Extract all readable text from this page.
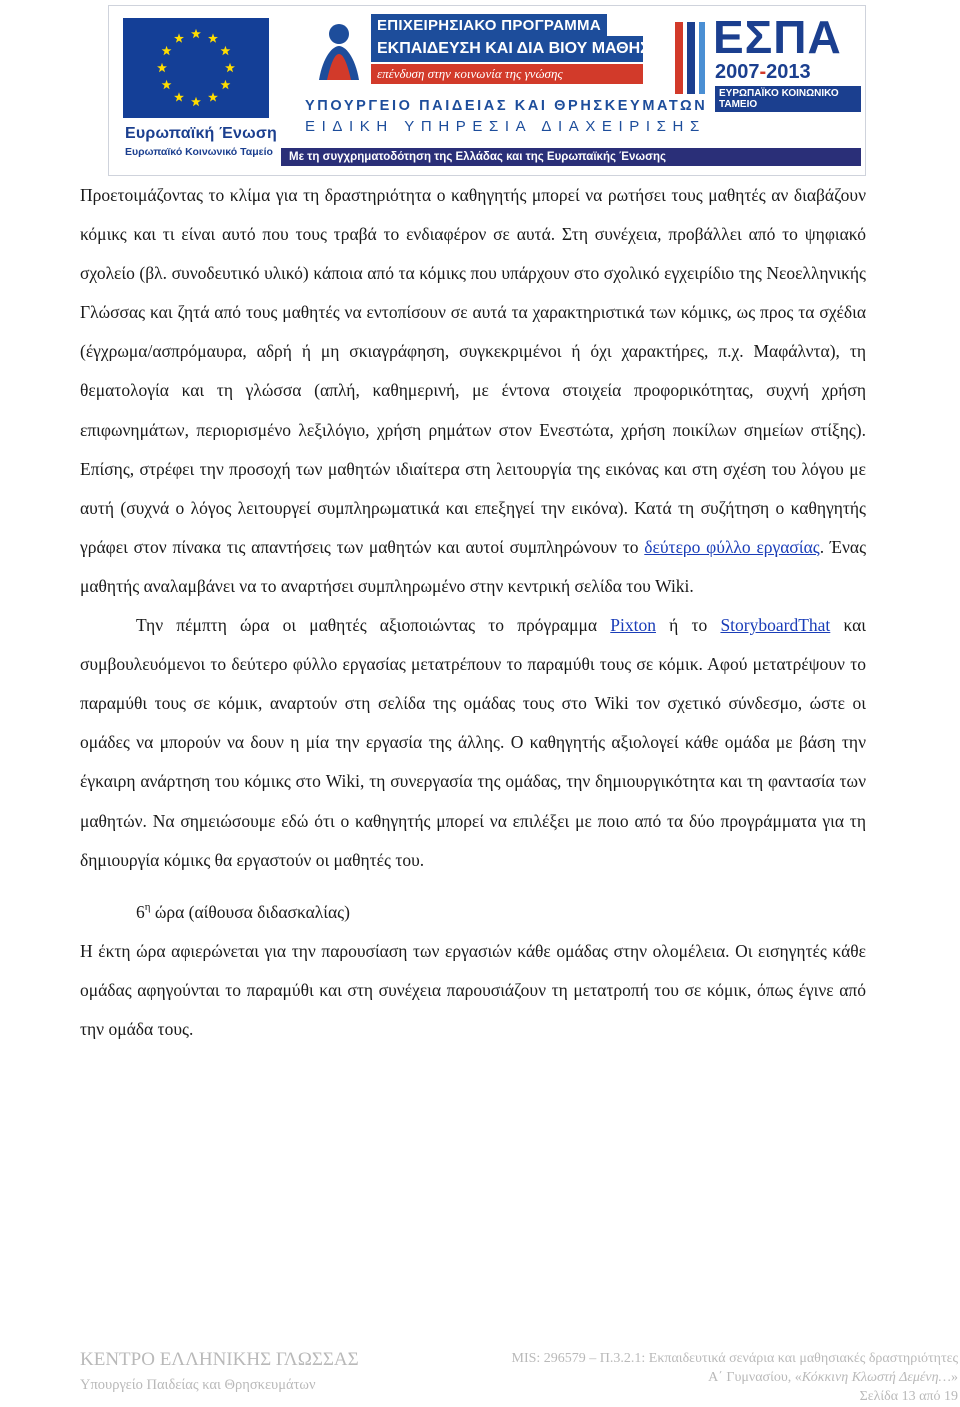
Ευρωπαϊκή Ένωση
Ευρωπαϊκό Κοινωνικό Ταμείο
ΕΠΙΧΕΙΡΗΣΙΑΚΟ ΠΡΟΓΡΑΜΜΑ
ΕΚΠΑΙΔΕΥΣΗ ΚΑΙ ΔΙΑ ΒΙΟΥ ΜΑΘΗΣΗ
επένδυση στην κοινωνία της γνώσης
ΕΣΠΑ
2007-2013
ΕΥΡΩΠΑΪΚΟ ΚΟΙΝΩΝΙΚΟ ΤΑΜΕΙΟ
ΥΠΟΥΡΓΕΙΟ ΠΑΙΔΕΙΑΣ ΚΑΙ ΘΡΗΣΚΕΥΜΑΤΩΝ
ΕΙΔΙΚΗ ΥΠΗΡΕΣΙΑ ΔΙΑΧΕΙΡΙΣΗΣ
Με τη συγχρηματοδότηση της Ελλάδας και της Ευρωπαϊκής Ένωσης

Προετοιμάζοντας το κλίμα για τη δραστηριότητα ο καθηγητής μπορεί να ρωτήσει τους μαθητές αν διαβάζουν κόμικς και τι είναι αυτό που τους τραβά το ενδιαφέρον σε αυτά. Στη συνέχεια, προβάλλει από το ψηφιακό σχολείο (βλ. συνοδευτικό υλικό) κάποια από τα κόμικς που υπάρχουν στο σχολικό εγχειρίδιο της Νεοελληνικής Γλώσσας και ζητά από τους μαθητές να εντοπίσουν σε αυτά τα χαρακτηριστικά των κόμικς, ως προς τα σχέδια (έγχρωμα/ασπρόμαυρα, αδρή ή μη σκιαγράφηση, συγκεκριμένοι ή όχι χαρακτήρες, π.χ. Μαφάλντα), τη θεματολογία και τη γλώσσα (απλή, καθημερινή, με έντονα στοιχεία προφορικότητας, συχνή χρήση επιφωνημάτων, περιορισμένο λεξιλόγιο, χρήση ρημάτων στον Ενεστώτα, χρήση ποικίλων σημείων στίξης). Επίσης, στρέφει την προσοχή των μαθητών ιδιαίτερα στη λειτουργία της εικόνας και στη σχέση του λόγου με αυτή (συχνά ο λόγος λειτουργεί συμπληρωματικά και επεξηγεί την εικόνα). Κατά τη συζήτηση ο καθηγητής γράφει στον πίνακα τις απαντήσεις των μαθητών και αυτοί συμπληρώνουν το δεύτερο φύλλο εργασίας. Ένας μαθητής αναλαμβάνει να το αναρτήσει συμπληρωμένο στην κεντρική σελίδα του Wiki.

Την πέμπτη ώρα οι μαθητές αξιοποιώντας το πρόγραμμα Pixton ή το StoryboardThat και συμβουλευόμενοι το δεύτερο φύλλο εργασίας μετατρέπουν το παραμύθι τους σε κόμικ. Αφού μετατρέψουν το παραμύθι τους σε κόμικ, αναρτούν στη σελίδα της ομάδας τους στο Wiki τον σχετικό σύνδεσμο, ώστε οι ομάδες να μπορούν να δουν η μία την εργασία της άλλης. Ο καθηγητής αξιολογεί κάθε ομάδα με βάση την έγκαιρη ανάρτηση του κόμικς στο Wiki, τη συνεργασία της ομάδας, την δημιουργικότητα και τη φαντασία των μαθητών. Να σημειώσουμε εδώ ότι ο καθηγητής μπορεί να επιλέξει με ποιο από τα δύο προγράμματα για τη δημιουργία κόμικς θα εργαστούν οι μαθητές του.

$6^\eta$ ώρα (αίθουσα διδασκαλίας)

Η έκτη ώρα αφιερώνεται για την παρουσίαση των εργασιών κάθε ομάδας στην ολομέλεια. Οι εισηγητές κάθε ομάδας αφηγούνται το παραμύθι και στη συνέχεια παρουσιάζουν τη μετατροπή του σε κόμικ, όπως έγινε από την ομάδα τους.

ΚΕΝΤΡΟ ΕΛΛΗΝΙΚΗΣ ΓΛΩΣΣΑΣ
Υπουργείο Παιδείας και Θρησκευμάτων
MIS: 296579 – Π.3.2.1: Εκπαιδευτικά σενάρια και μαθησιακές δραστηριότητες
Α΄ Γυμνασίου, «Κόκκινη Κλωστή Δεμένη…»
Σελίδα 13 από 19
